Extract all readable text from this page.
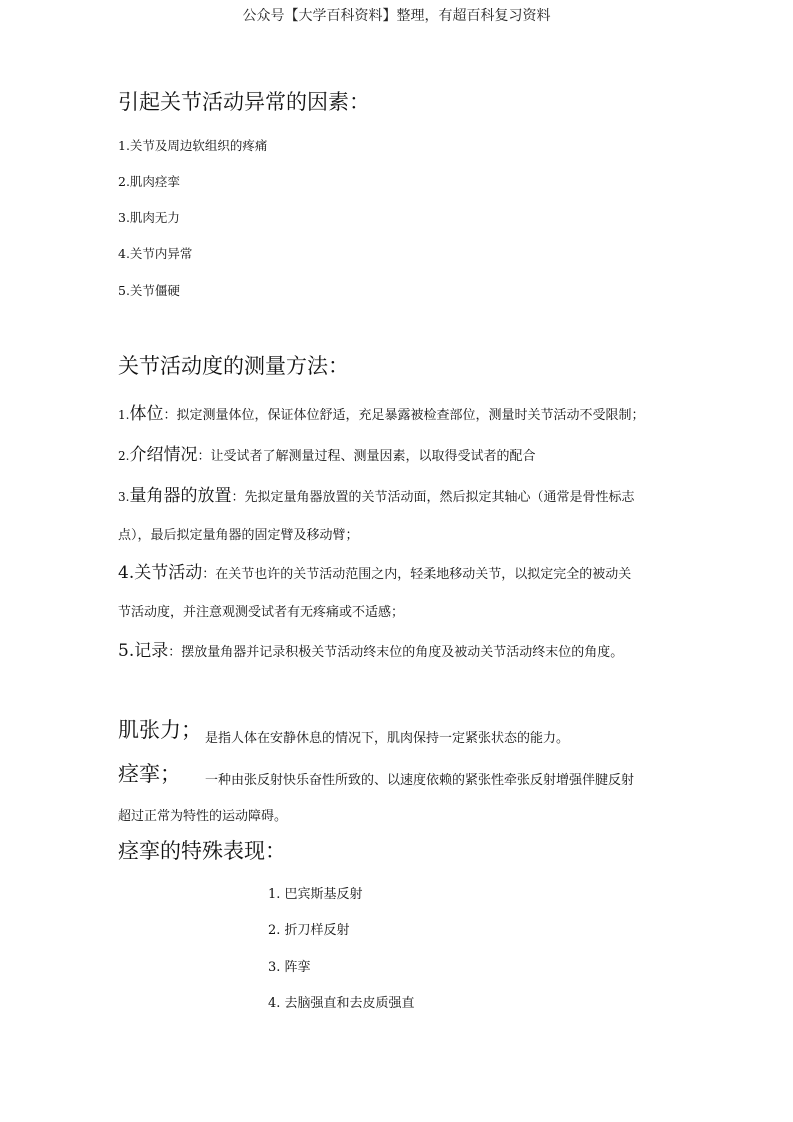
公众号【大学百科资料】整理，有超百科复习资料
引起关节活动异常的因素：
1.关节及周边软组织的疼痛
2.肌肉痉挛
3.肌肉无力
4.关节内异常
5.关节僵硬
关节活动度的测量方法：
1.体位：拟定测量体位，保证体位舒适，充足暴露被检查部位，测量时关节活动不受限制；
2.介绍情况：让受试者了解测量过程、测量因素，以取得受试者的配合
3.量角器的放置：先拟定量角器放置的关节活动面，然后拟定其轴心（通常是骨性标志
点），最后拟定量角器的固定臂及移动臂；
4.关节活动：在关节也许的关节活动范围之内，轻柔地移动关节，以拟定完全的被动关
节活动度，并注意观测受试者有无疼痛或不适感；
5.记录：摆放量角器并记录积极关节活动终末位的角度及被动关节活动终末位的角度。
肌张力； 是指人体在安静休息的情况下，肌肉保持一定紧张状态的能力。
痉挛； 一种由张反射快乐奋性所致的、以速度依赖的紧张性牵张反射增强伴腱反射
超过正常为特性的运动障碍。
痉挛的特殊表现：
1. 巴宾斯基反射
2. 折刀样反射
3. 阵挛
4. 去脑强直和去皮质强直
